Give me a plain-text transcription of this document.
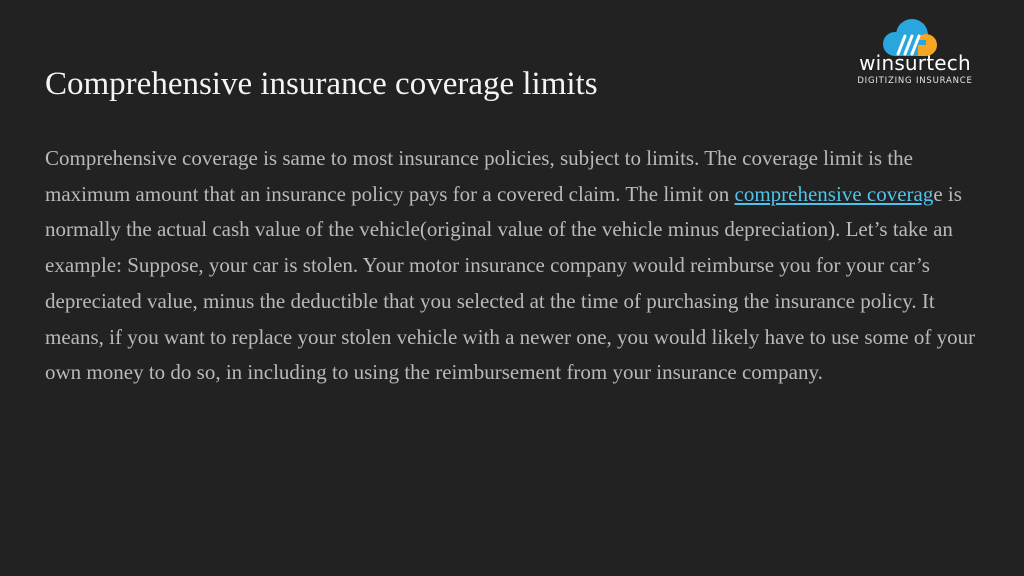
Comprehensive insurance coverage limits
winsurtech
DIGITIZING INSURANCE

Comprehensive coverage is same to most insurance policies, subject to limits. The coverage limit is the maximum amount that an insurance policy pays for a covered claim. The limit on comprehensive coverage is normally the actual cash value of the vehicle(original value of the vehicle minus depreciation). Let’s take an example: Suppose, your car is stolen. Your motor insurance company would reimburse you for your car’s depreciated value, minus the deductible that you selected at the time of purchasing the insurance policy. It means, if you want to replace your stolen vehicle with a newer one, you would likely have to use some of your own money to do so, in including to using the reimbursement from your insurance company.
